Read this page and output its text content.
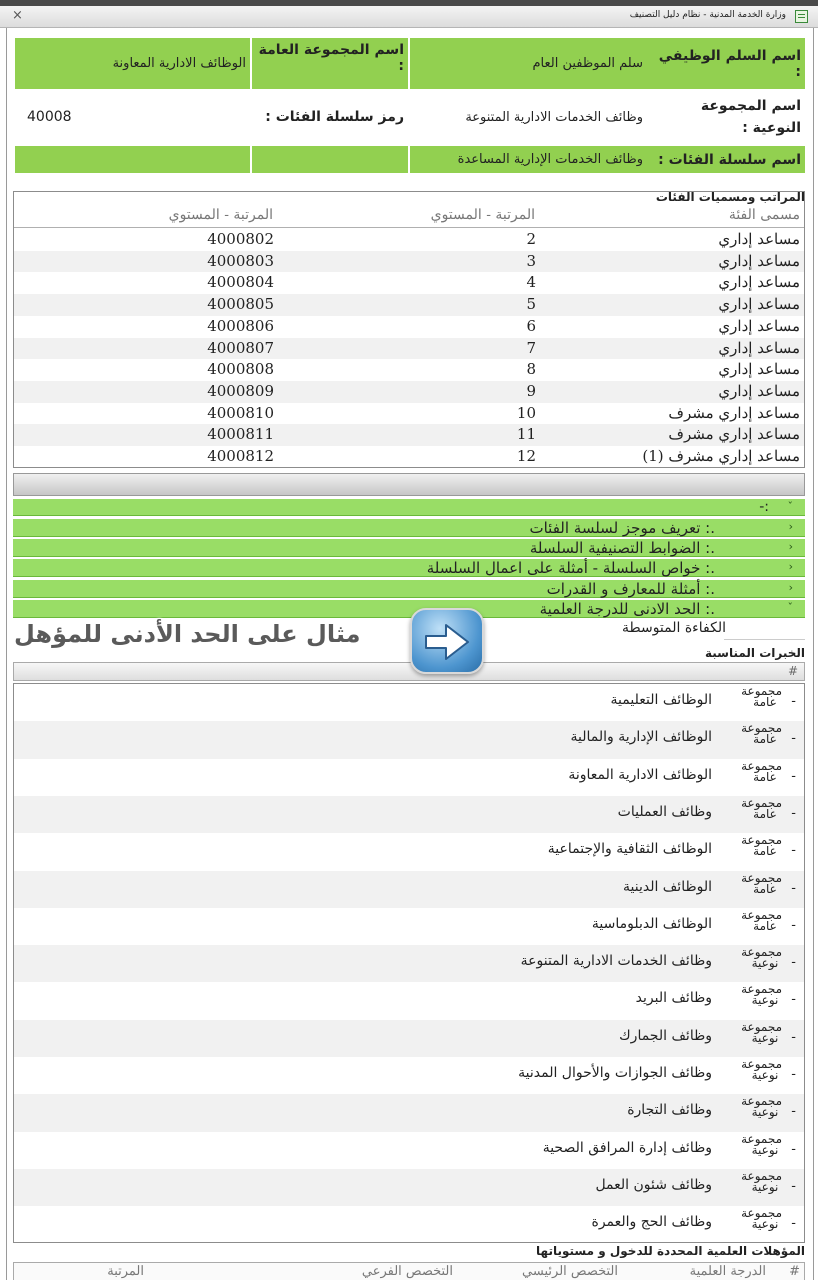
وزارة الخدمة المدنية - نظام دليل التصنيف
×
اسم السلم الوظيفي :
سلم الموظفين العام
اسم المجموعة العامة :
الوظائف الادارية المعاونة
اسم المجموعة النوعية :
وظائف الخدمات الادارية المتنوعة
رمز سلسلة الفئات :
40008
اسم سلسلة الفئات :
وظائف الخدمات الإدارية المساعدة
المراتب ومسميات الفئات
مسمى الفئة
المرتبة - المستوي
المرتبة - المستوي
مساعد إداري
2
4000802
مساعد إداري
3
4000803
مساعد إداري
4
4000804
مساعد إداري
5
4000805
مساعد إداري
6
4000806
مساعد إداري
7
4000807
مساعد إداري
8
4000808
مساعد إداري
9
4000809
مساعد إداري مشرف
10
4000810
مساعد إداري مشرف
11
4000811
مساعد إداري مشرف (1)
12
4000812
ˇ
:-
‹
.: تعريف موجز لسلسة الفئات
‹
.: الضوابط التصنيفية السلسلة
‹
.: خواص السلسلة - أمثلة على اعمال السلسلة
‹
.: أمثلة للمعارف و القدرات
ˇ
.: الحد الادنى للدرجة العلمية
الكفاءة المتوسطة
الخبرات المناسبة
#
-
مجموعة عامة
الوظائف التعليمية
-
مجموعة عامة
الوظائف الإدارية والمالية
-
مجموعة عامة
الوظائف الادارية المعاونة
-
مجموعة عامة
وظائف العمليات
-
مجموعة عامة
الوظائف الثقافية والإجتماعية
-
مجموعة عامة
الوظائف الدينية
-
مجموعة عامة
الوظائف الدبلوماسية
-
مجموعة نوعية
وظائف الخدمات الادارية المتنوعة
-
مجموعة نوعية
وظائف البريد
-
مجموعة نوعية
وظائف الجمارك
-
مجموعة نوعية
وظائف الجوازات والأحوال المدنية
-
مجموعة نوعية
وظائف التجارة
-
مجموعة نوعية
وظائف إدارة المرافق الصحية
-
مجموعة نوعية
وظائف شئون العمل
-
مجموعة نوعية
وظائف الحج والعمرة
المؤهلات العلمية المحددة للدخول و مستوياتها
#
الدرجة العلمية
التخصص الرئيسي
التخصص الفرعي
المرتبة
مثال على الحد الأدنى للمؤهل
